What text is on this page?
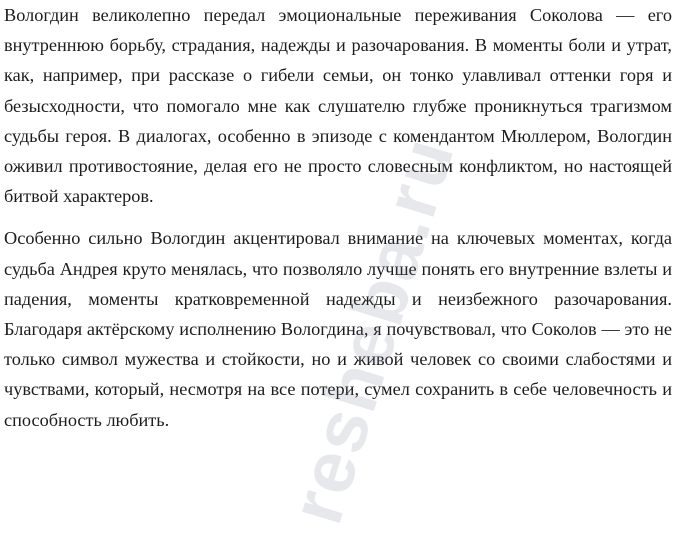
Вологдин великолепно передал эмоциональные переживания Соколова — его внутреннюю борьбу, страдания, надежды и разочарования. В моменты боли и утрат, как, например, при рассказе о гибели семьи, он тонко улавливал оттенки горя и безысходности, что помогало мне как слушателю глубже проникнуться трагизмом судьбы героя. В диалогах, особенно в эпизоде с комендантом Мюллером, Вологдин оживил противостояние, делая его не просто словесным конфликтом, но настоящей битвой характеров.

Особенно сильно Вологдин акцентировал внимание на ключевых моментах, когда судьба Андрея круто менялась, что позволяло лучше понять его внутренние взлеты и падения, моменты кратковременной надежды и неизбежного разочарования. Благодаря актёрскому исполнению Вологдина, я почувствовал, что Соколов — это не только символ мужества и стойкости, но и живой человек со своими слабостями и чувствами, который, несмотря на все потери, сумел сохранить в себе человечность и способность любить.	resheba.ru
